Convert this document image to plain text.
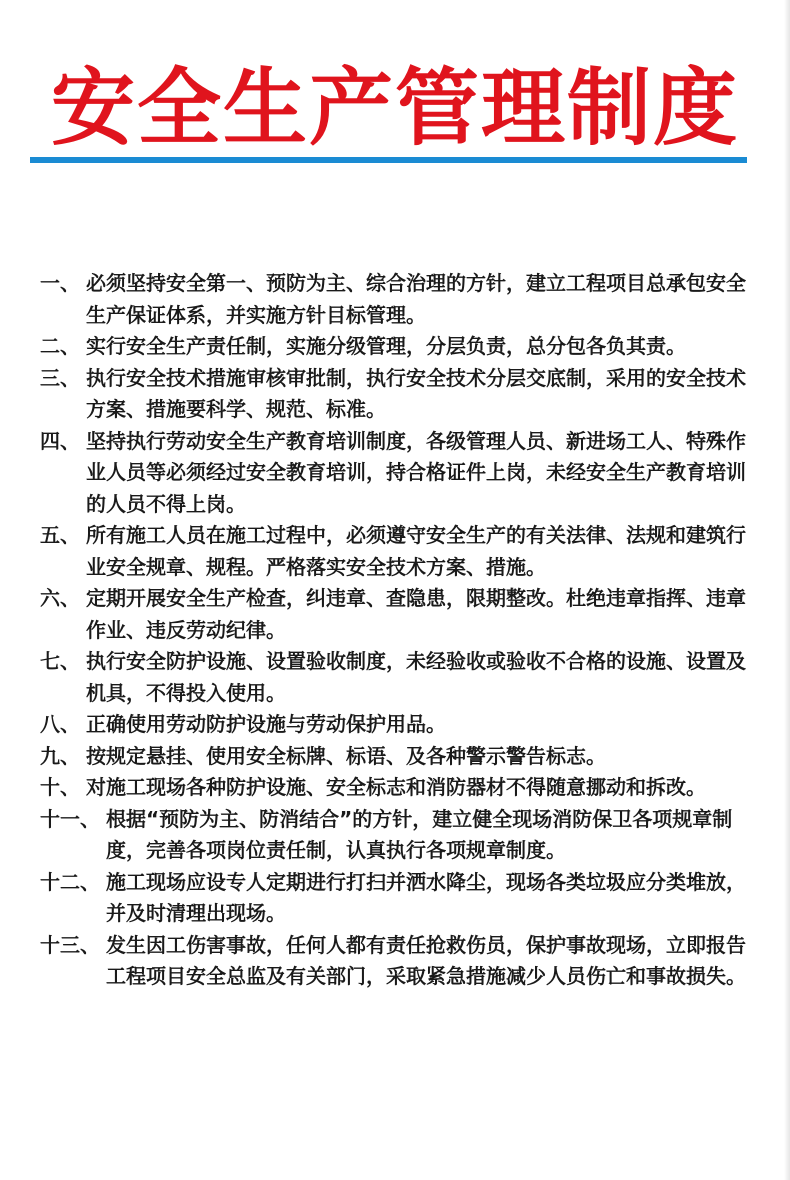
安全生产管理制度
一、 必须坚持安全第一、预防为主、综合治理的方针，建立工程项目总承包安全生产保证体系，并实施方针目标管理。
二、 实行安全生产责任制，实施分级管理，分层负责，总分包各负其责。
三、 执行安全技术措施审核审批制，执行安全技术分层交底制，采用的安全技术方案、措施要科学、规范、标准。
四、 坚持执行劳动安全生产教育培训制度，各级管理人员、新进场工人、特殊作业人员等必须经过安全教育培训，持合格证件上岗，未经安全生产教育培训的人员不得上岗。
五、 所有施工人员在施工过程中，必须遵守安全生产的有关法律、法规和建筑行业安全规章、规程。严格落实安全技术方案、措施。
六、 定期开展安全生产检查，纠违章、查隐患，限期整改。杜绝违章指挥、违章作业、违反劳动纪律。
七、 执行安全防护设施、设置验收制度，未经验收或验收不合格的设施、设置及机具，不得投入使用。
八、 正确使用劳动防护设施与劳动保护用品。
九、 按规定悬挂、使用安全标牌、标语、及各种警示警告标志。
十、 对施工现场各种防护设施、安全标志和消防器材不得随意挪动和拆改。
十一、 根据“预防为主、防消结合”的方针，建立健全现场消防保卫各项规章制度，完善各项岗位责任制，认真执行各项规章制度。
十二、 施工现场应设专人定期进行打扫并洒水降尘，现场各类垃圾应分类堆放，并及时清理出现场。
十三、 发生因工伤害事故，任何人都有责任抢救伤员，保护事故现场，立即报告工程项目安全总监及有关部门，采取紧急措施减少人员伤亡和事故损失。
